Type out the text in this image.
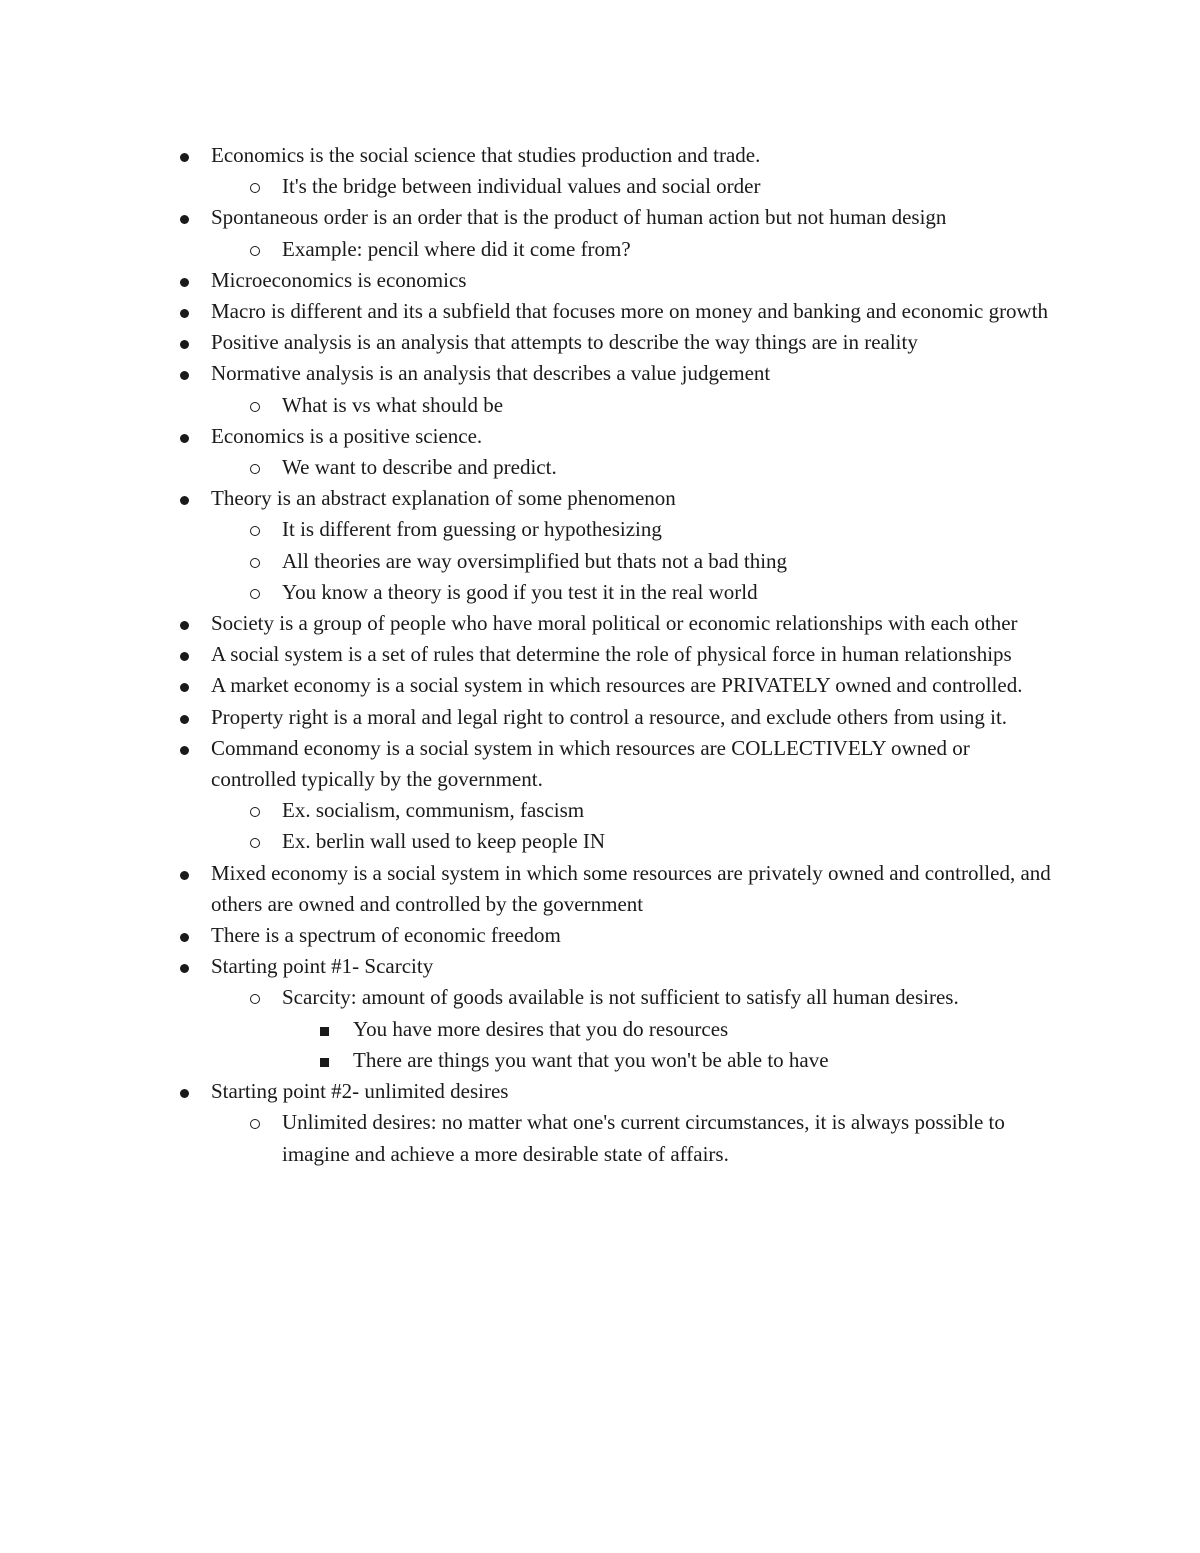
Economics is the social science that studies production and trade.
It's the bridge between individual values and social order
Spontaneous order is an order that is the product of human action but not human design
Example: pencil where did it come from?
Microeconomics is economics
Macro is different and its a subfield that focuses more on money and banking and economic growth
Positive analysis is an analysis that attempts to describe the way things are in reality
Normative analysis is an analysis that describes a value judgement
What is vs what should be
Economics is a positive science.
We want to describe and predict.
Theory is an abstract explanation of some phenomenon
It is different from guessing or hypothesizing
All theories are way oversimplified but thats not a bad thing
You know a theory is good if you test it in the real world
Society is a group of people who have moral political or economic relationships with each other
A social system is a set of rules that determine the role of physical force in human relationships
A market economy is a social system in which resources are PRIVATELY owned and controlled.
Property right is a moral and legal right to control a resource, and exclude others from using it.
Command economy is a social system in which resources are COLLECTIVELY owned or controlled typically by the government.
Ex. socialism, communism, fascism
Ex. berlin wall used to keep people IN
Mixed economy is a social system in which some resources are privately owned and controlled, and others are owned and controlled by the government
There is a spectrum of economic freedom
Starting point #1- Scarcity
Scarcity: amount of goods available is not sufficient to satisfy all human desires.
You have more desires that you do resources
There are things you want that you won't be able to have
Starting point #2- unlimited desires
Unlimited desires: no matter what one's current circumstances, it is always possible to imagine and achieve a more desirable state of affairs.
